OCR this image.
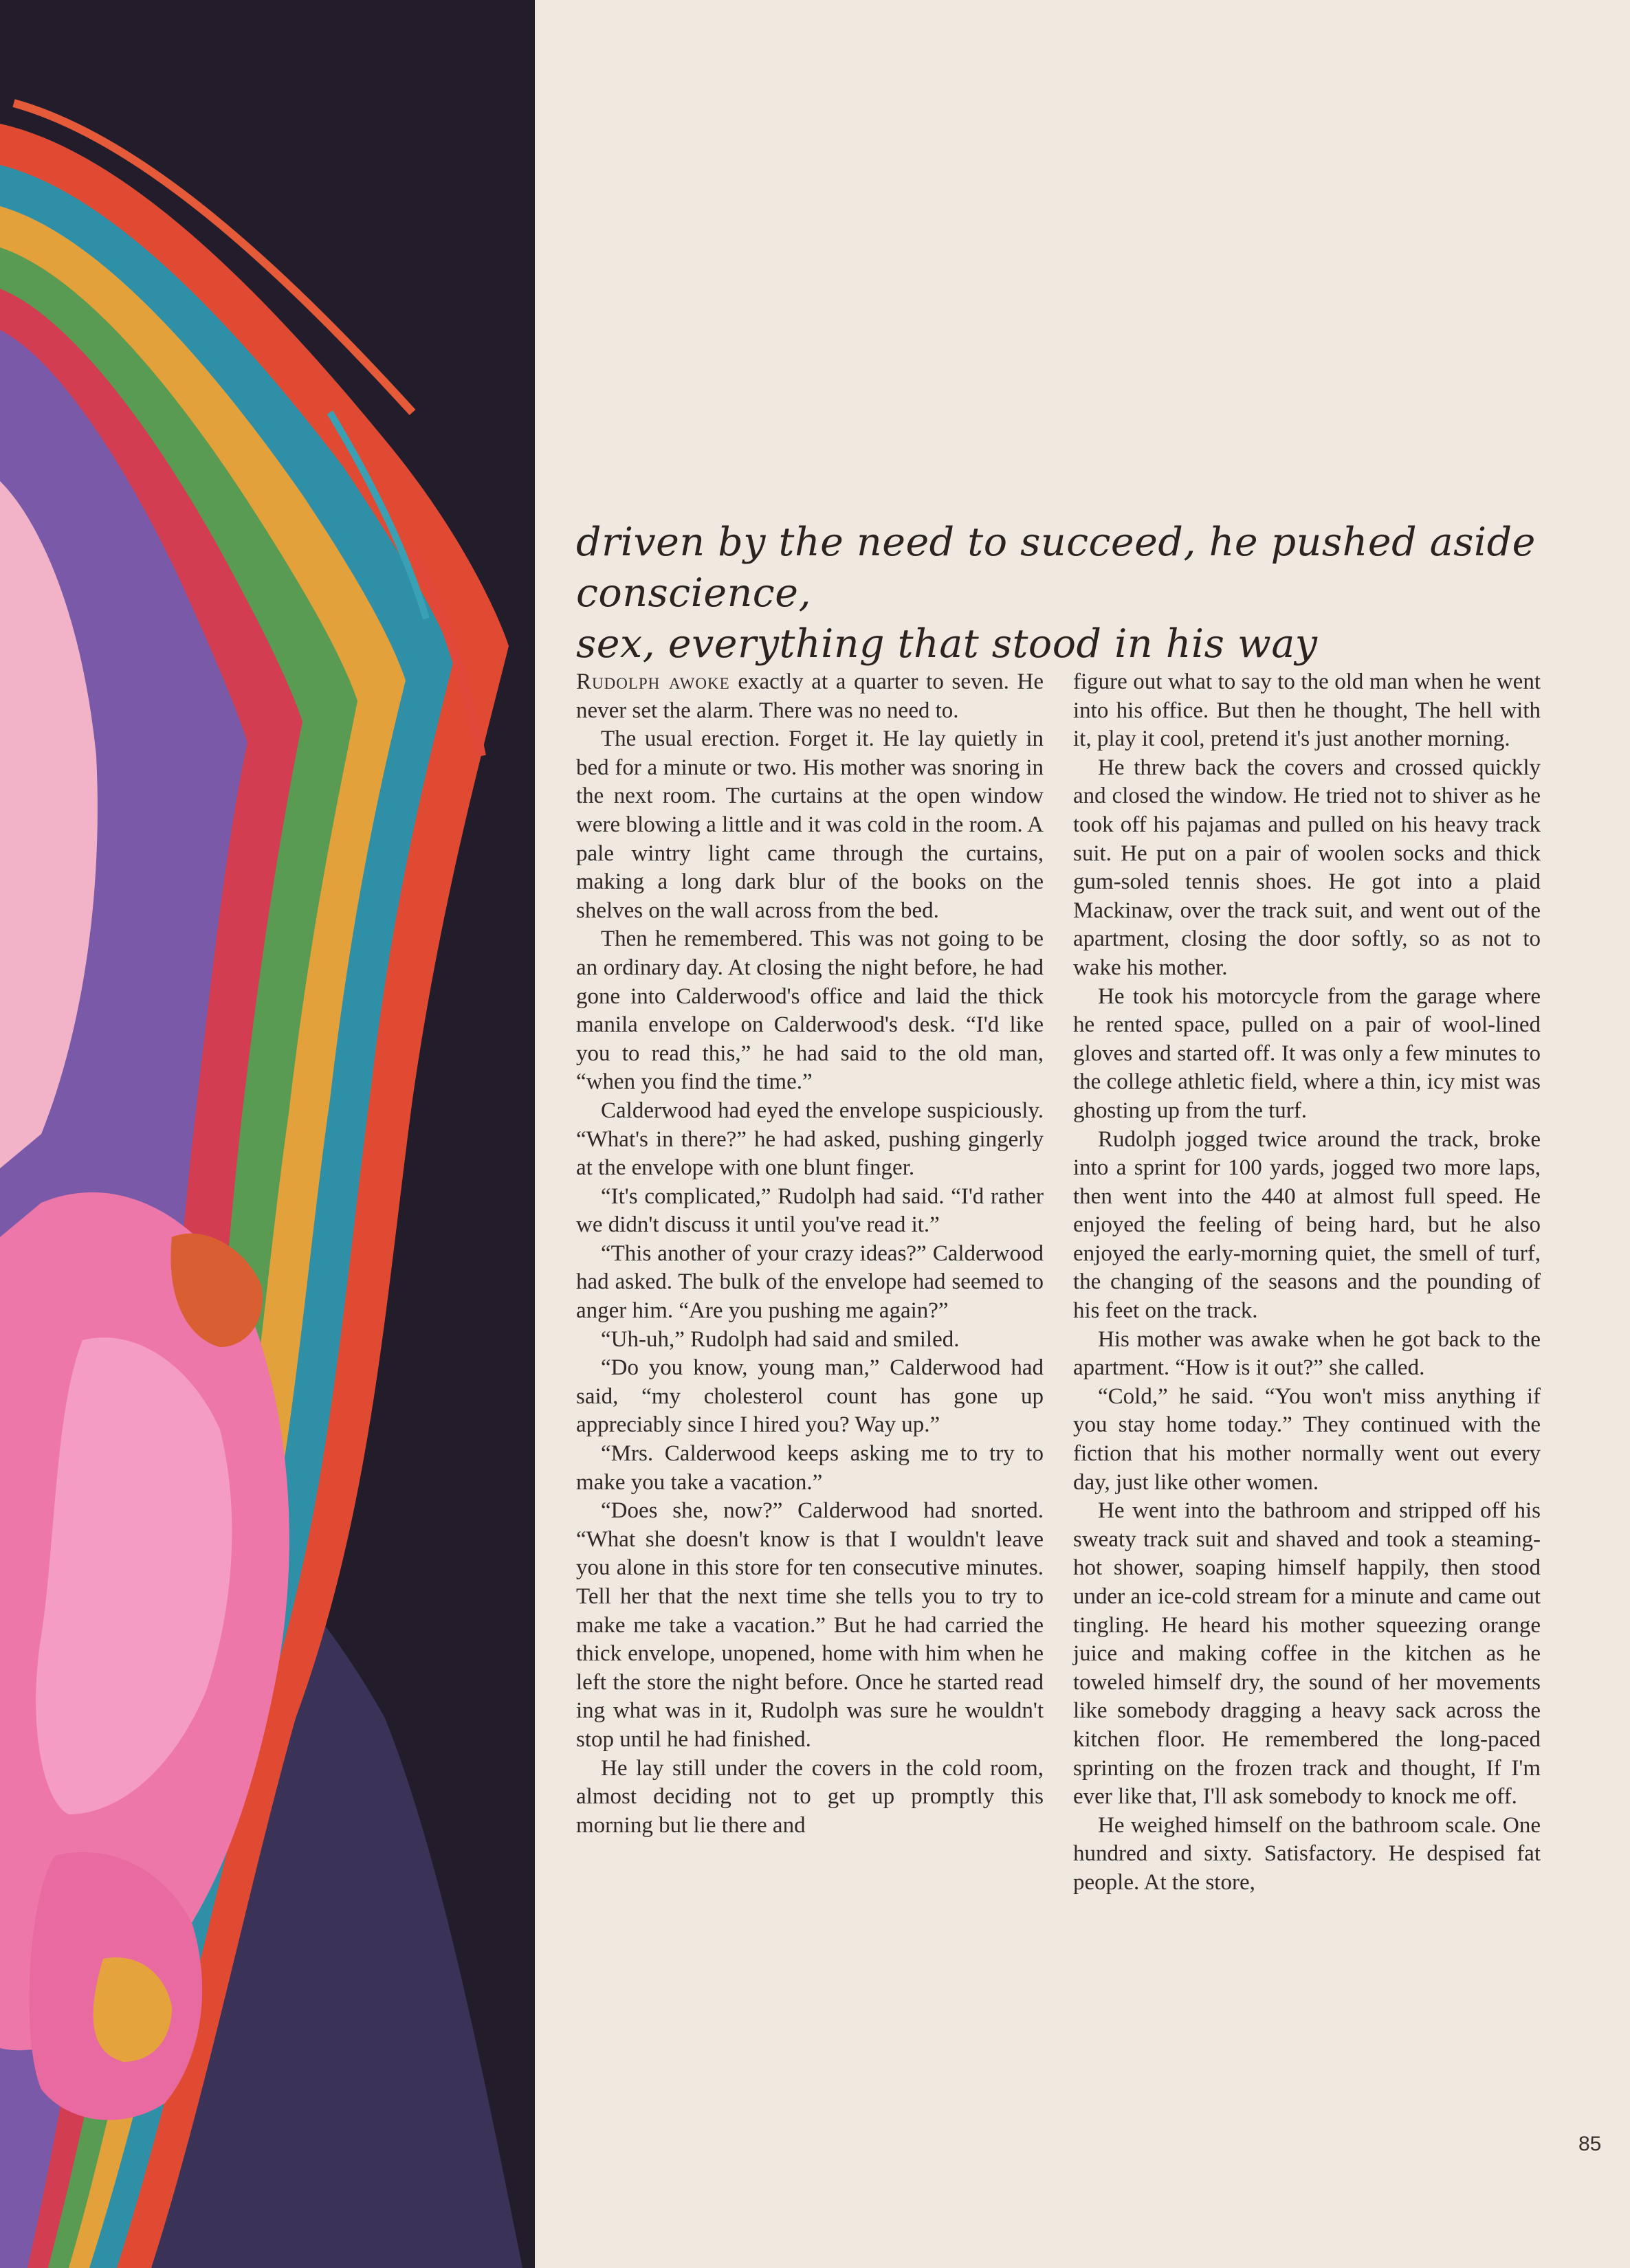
driven by the need to succeed, he pushed aside conscience,
sex, everything that stood in his way

Rudolph awoke exactly at a quarter to seven. He never set the alarm. There was no need to.

The usual erection. Forget it. He lay quietly in bed for a minute or two. His mother was snoring in the next room. The curtains at the open window were blowing a little and it was cold in the room. A pale wintry light came through the curtains, making a long dark blur of the books on the shelves on the wall across from the bed.

Then he remembered. This was not going to be an ordinary day. At closing the night before, he had gone into Calderwood's office and laid the thick manila envelope on Calderwood's desk. “I'd like you to read this,” he had said to the old man, “when you find the time.”

Calderwood had eyed the envelope suspiciously. “What's in there?” he had asked, pushing gingerly at the envelope with one blunt finger.

“It's complicated,” Rudolph had said. “I'd rather we didn't discuss it until you've read it.”

“This another of your crazy ideas?” Calderwood had asked. The bulk of the envelope had seemed to anger him. “Are you pushing me again?”

“Uh-uh,” Rudolph had said and smiled.

“Do you know, young man,” Calderwood had said, “my cholesterol count has gone up appreciably since I hired you? Way up.”

“Mrs. Calderwood keeps asking me to try to make you take a vacation.”

“Does she, now?” Calderwood had snorted. “What she doesn't know is that I wouldn't leave you alone in this store for ten consecutive minutes. Tell her that the next time she tells you to try to make me take a vacation.” But he had carried the thick envelope, unopened, home with him when he left the store the night before. Once he started read ing what was in it, Rudolph was sure he wouldn't stop until he had finished.

He lay still under the covers in the cold room, almost deciding not to get up promptly this morning but lie there and

figure out what to say to the old man when he went into his office. But then he thought, The hell with it, play it cool, pretend it's just another morning.

He threw back the covers and crossed quickly and closed the window. He tried not to shiver as he took off his pajamas and pulled on his heavy track suit. He put on a pair of woolen socks and thick gum-soled tennis shoes. He got into a plaid Mackinaw, over the track suit, and went out of the apartment, closing the door softly, so as not to wake his mother.

He took his motorcycle from the garage where he rented space, pulled on a pair of wool-lined gloves and started off. It was only a few minutes to the college athletic field, where a thin, icy mist was ghosting up from the turf.

Rudolph jogged twice around the track, broke into a sprint for 100 yards, jogged two more laps, then went into the 440 at almost full speed. He enjoyed the feeling of being hard, but he also enjoyed the early-morning quiet, the smell of turf, the changing of the seasons and the pounding of his feet on the track.

His mother was awake when he got back to the apartment. “How is it out?” she called.

“Cold,” he said. “You won't miss anything if you stay home today.” They continued with the fiction that his mother normally went out every day, just like other women.

He went into the bathroom and stripped off his sweaty track suit and shaved and took a steaming-hot shower, soaping himself happily, then stood under an ice-cold stream for a minute and came out tingling. He heard his mother squeezing orange juice and making coffee in the kitchen as he toweled himself dry, the sound of her movements like somebody dragging a heavy sack across the kitchen floor. He remembered the long-paced sprinting on the frozen track and thought, If I'm ever like that, I'll ask somebody to knock me off.

He weighed himself on the bathroom scale. One hundred and sixty. Satisfactory. He despised fat people. At the store,

85
